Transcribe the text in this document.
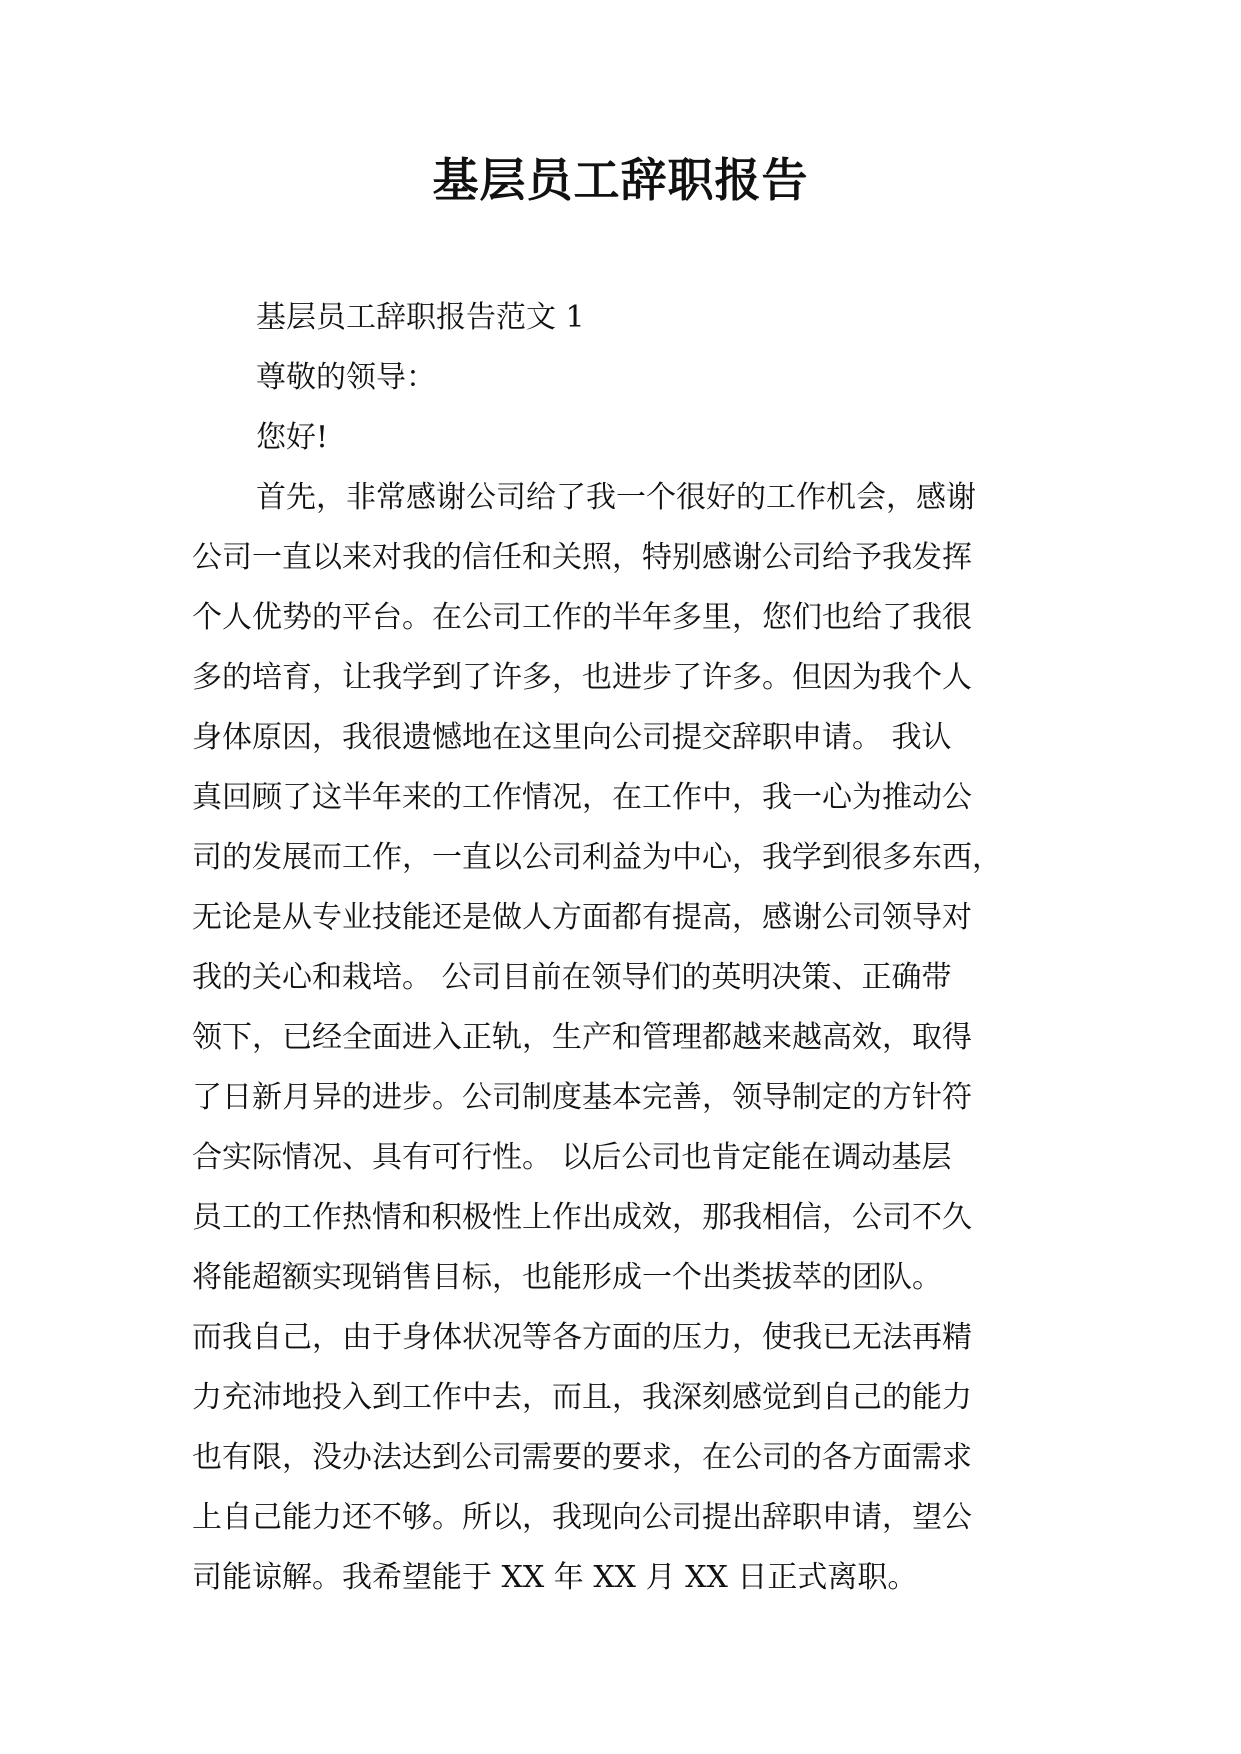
基层员工辞职报告
基层员工辞职报告范文 1
尊敬的领导：
您好!
首先，非常感谢公司给了我一个很好的工作机会，感谢
公司一直以来对我的信任和关照，特别感谢公司给予我发挥
个人优势的平台。在公司工作的半年多里，您们也给了我很
多的培育，让我学到了许多，也进步了许多。但因为我个人
身体原因，我很遗憾地在这里向公司提交辞职申请。 我认
真回顾了这半年来的工作情况，在工作中，我一心为推动公
司的发展而工作，一直以公司利益为中心，我学到很多东西，
无论是从专业技能还是做人方面都有提高，感谢公司领导对
我的关心和栽培。 公司目前在领导们的英明决策、正确带
领下，已经全面进入正轨，生产和管理都越来越高效，取得
了日新月异的进步。公司制度基本完善，领导制定的方针符
合实际情况、具有可行性。 以后公司也肯定能在调动基层
员工的工作热情和积极性上作出成效，那我相信，公司不久
将能超额实现销售目标，也能形成一个出类拔萃的团队。
而我自己，由于身体状况等各方面的压力，使我已无法再精
力充沛地投入到工作中去，而且，我深刻感觉到自己的能力
也有限，没办法达到公司需要的要求，在公司的各方面需求
上自己能力还不够。所以，我现向公司提出辞职申请，望公
司能谅解。我希望能于 XX 年 XX 月 XX 日正式离职。
